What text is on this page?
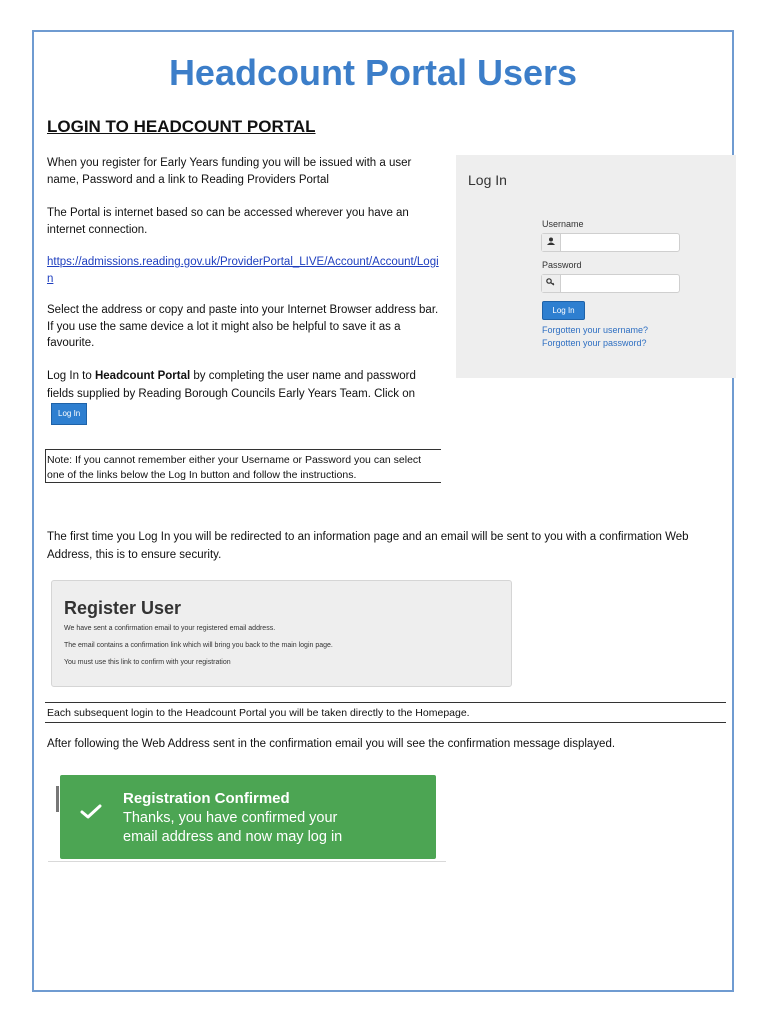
Headcount Portal Users
LOGIN TO HEADCOUNT PORTAL
When you register for Early Years funding you will be issued with a user name, Password and a link to Reading Providers Portal
The Portal is internet based so can be accessed wherever you have an internet connection.
https://admissions.reading.gov.uk/ProviderPortal_LIVE/Account/Account/Login
Select the address or copy and paste into your Internet Browser address bar. If you use the same device a lot it might also be helpful to save it as a favourite.
Log In to Headcount Portal by completing the user name and password fields supplied by Reading Borough Councils Early Years Team. Click on Log In
Note: If you cannot remember either your Username or Password you can select one of the links below the Log In button and follow the instructions.
Log In
Username
Password
Log In
Forgotten your username?
Forgotten your password?
The first time you Log In you will be redirected to an information page and an email will be sent to you with a confirmation Web Address, this is to ensure security.
Register User
We have sent a confirmation email to your registered email address.
The email contains a confirmation link which will bring you back to the main login page.
You must use this link to confirm with your registration
Each subsequent login to the Headcount Portal you will be taken directly to the Homepage.
After following the Web Address sent in the confirmation email you will see the confirmation message displayed.
Registration Confirmed
Thanks, you have confirmed your
email address and now may log in
